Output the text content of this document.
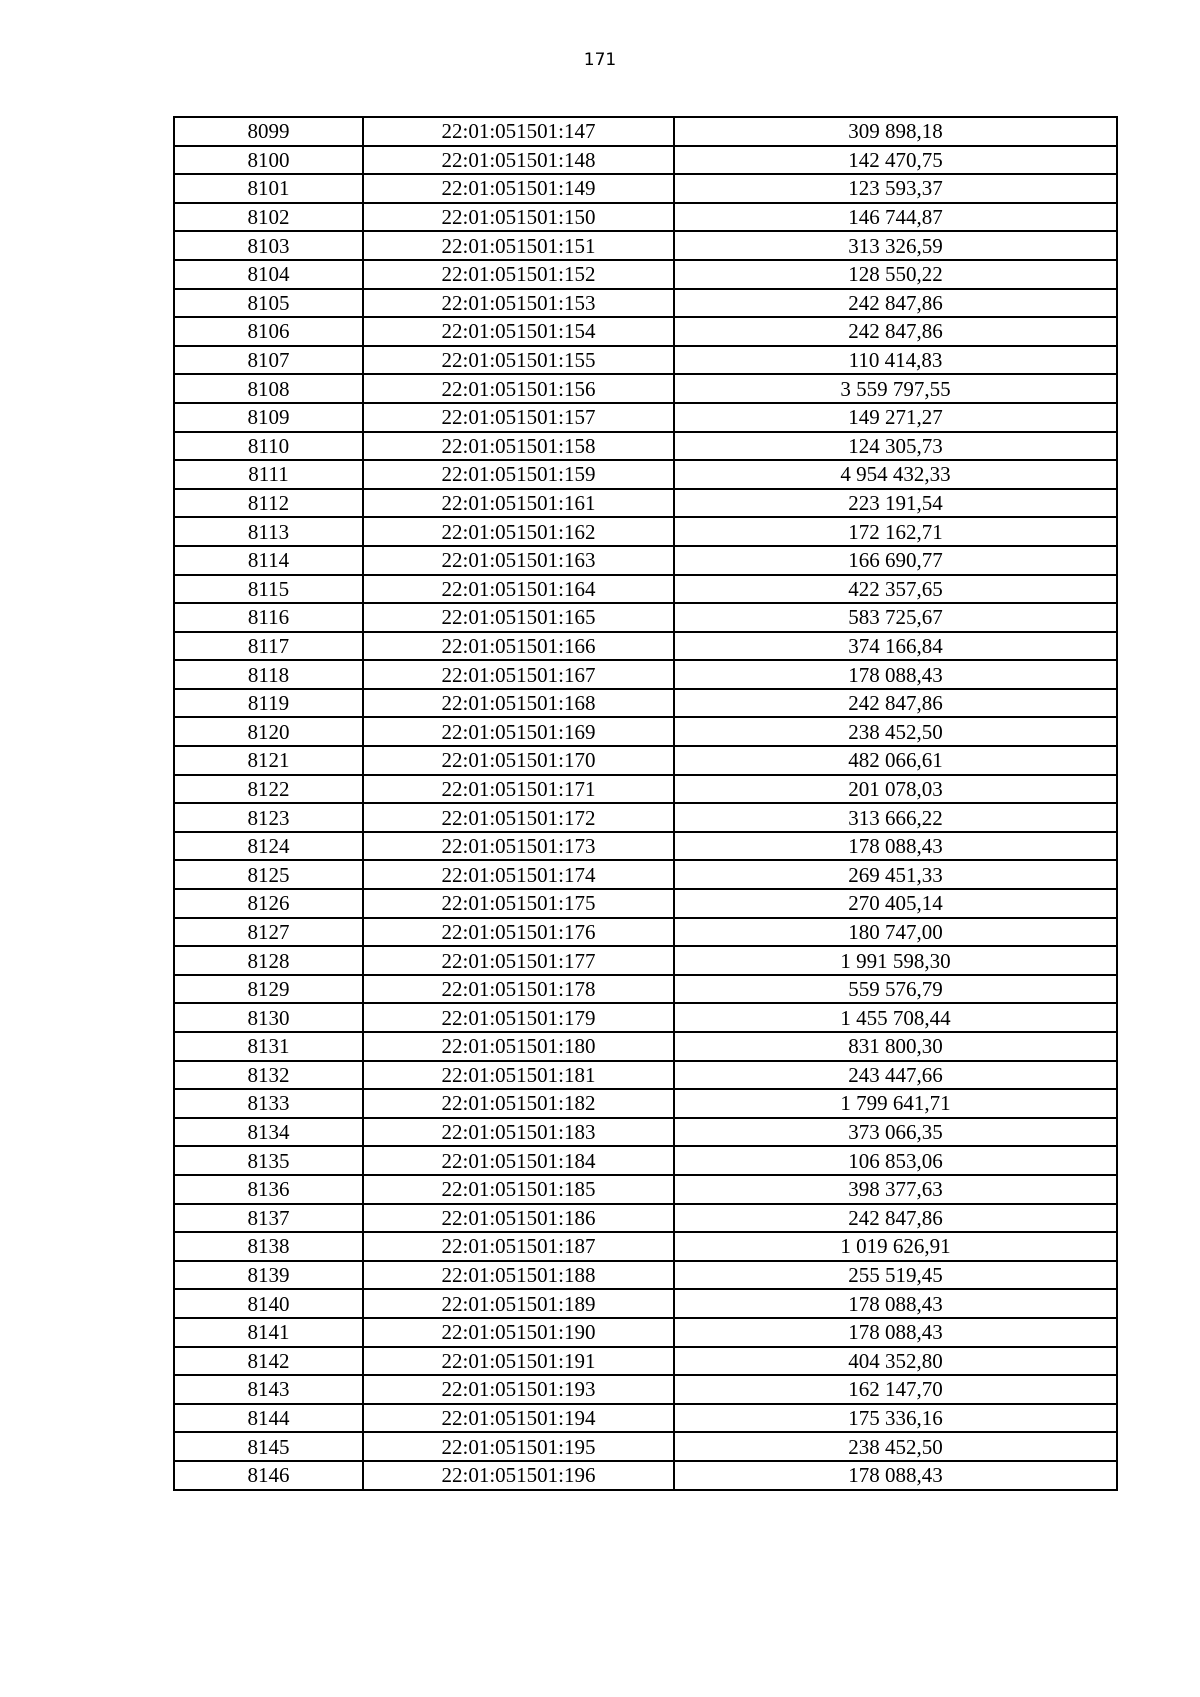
171
8099	22:01:051501:147	309 898,18
8100	22:01:051501:148	142 470,75
8101	22:01:051501:149	123 593,37
8102	22:01:051501:150	146 744,87
8103	22:01:051501:151	313 326,59
8104	22:01:051501:152	128 550,22
8105	22:01:051501:153	242 847,86
8106	22:01:051501:154	242 847,86
8107	22:01:051501:155	110 414,83
8108	22:01:051501:156	3 559 797,55
8109	22:01:051501:157	149 271,27
8110	22:01:051501:158	124 305,73
8111	22:01:051501:159	4 954 432,33
8112	22:01:051501:161	223 191,54
8113	22:01:051501:162	172 162,71
8114	22:01:051501:163	166 690,77
8115	22:01:051501:164	422 357,65
8116	22:01:051501:165	583 725,67
8117	22:01:051501:166	374 166,84
8118	22:01:051501:167	178 088,43
8119	22:01:051501:168	242 847,86
8120	22:01:051501:169	238 452,50
8121	22:01:051501:170	482 066,61
8122	22:01:051501:171	201 078,03
8123	22:01:051501:172	313 666,22
8124	22:01:051501:173	178 088,43
8125	22:01:051501:174	269 451,33
8126	22:01:051501:175	270 405,14
8127	22:01:051501:176	180 747,00
8128	22:01:051501:177	1 991 598,30
8129	22:01:051501:178	559 576,79
8130	22:01:051501:179	1 455 708,44
8131	22:01:051501:180	831 800,30
8132	22:01:051501:181	243 447,66
8133	22:01:051501:182	1 799 641,71
8134	22:01:051501:183	373 066,35
8135	22:01:051501:184	106 853,06
8136	22:01:051501:185	398 377,63
8137	22:01:051501:186	242 847,86
8138	22:01:051501:187	1 019 626,91
8139	22:01:051501:188	255 519,45
8140	22:01:051501:189	178 088,43
8141	22:01:051501:190	178 088,43
8142	22:01:051501:191	404 352,80
8143	22:01:051501:193	162 147,70
8144	22:01:051501:194	175 336,16
8145	22:01:051501:195	238 452,50
8146	22:01:051501:196	178 088,43
